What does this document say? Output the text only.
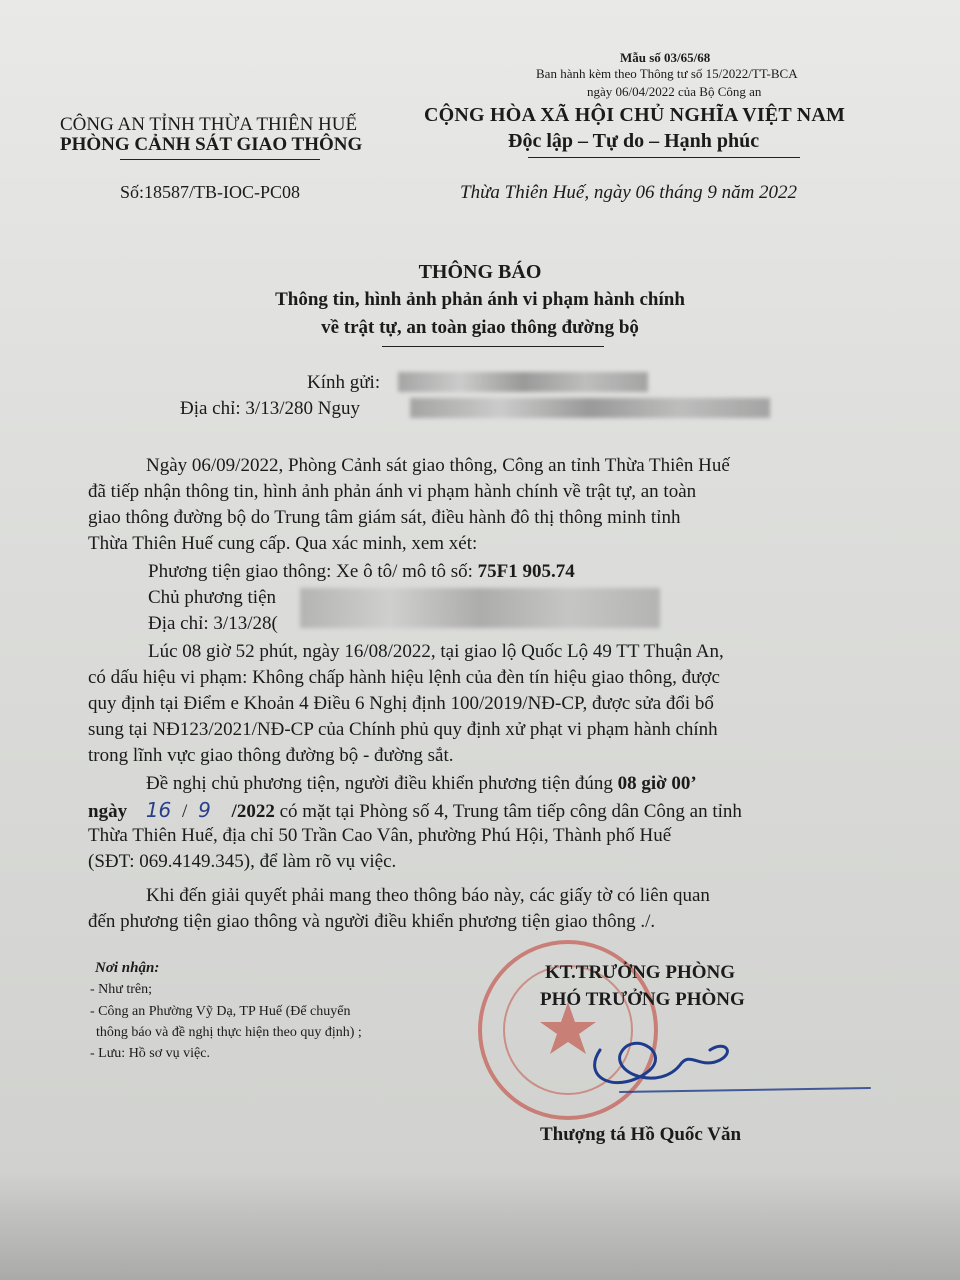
Mẫu số 03/65/68
Ban hành kèm theo Thông tư số 15/2022/TT-BCA
ngày 06/04/2022 của Bộ Công an
CÔNG AN TỈNH THỪA THIÊN HUẾ
PHÒNG CẢNH SÁT GIAO THÔNG
Số:18587/TB-IOC-PC08
CỘNG HÒA XÃ HỘI CHỦ NGHĨA VIỆT NAM
Độc lập – Tự do – Hạnh phúc
Thừa Thiên Huế, ngày 06 tháng 9 năm 2022
THÔNG BÁO
Thông tin, hình ảnh phản ánh vi phạm hành chính
về trật tự, an toàn giao thông đường bộ
Kính gửi:
Địa chỉ: 3/13/280 Nguy
Ngày 06/09/2022, Phòng Cảnh sát giao thông, Công an tỉnh Thừa Thiên Huế
đã tiếp nhận thông tin, hình ảnh phản ánh vi phạm hành chính về trật tự, an toàn
giao thông đường bộ do Trung tâm giám sát, điều hành đô thị thông minh tỉnh
Thừa Thiên Huế cung cấp. Qua xác minh, xem xét:
Phương tiện giao thông: Xe ô tô/ mô tô số: 75F1 905.74
Chủ phương tiện
Địa chỉ: 3/13/28(
Lúc 08 giờ 52 phút, ngày 16/08/2022, tại giao lộ Quốc Lộ 49 TT Thuận An,
có dấu hiệu vi phạm: Không chấp hành hiệu lệnh của đèn tín hiệu giao thông, được
quy định tại Điểm e Khoản 4 Điều 6 Nghị định 100/2019/NĐ-CP, được sửa đổi bổ
sung tại NĐ123/2021/NĐ-CP của Chính phủ quy định xử phạt vi phạm hành chính
trong lĩnh vực giao thông đường bộ - đường sắt.
Đề nghị chủ phương tiện, người điều khiển phương tiện đúng 08 giờ 00’
ngày 16 / 9 /2022 có mặt tại Phòng số 4, Trung tâm tiếp công dân Công an tỉnh
Thừa Thiên Huế, địa chỉ 50 Trần Cao Vân, phường Phú Hội, Thành phố Huế
(SĐT: 069.4149.345), để làm rõ vụ việc.
Khi đến giải quyết phải mang theo thông báo này, các giấy tờ có liên quan
đến phương tiện giao thông và người điều khiển phương tiện giao thông ./.
Nơi nhận:
- Như trên;
- Công an Phường Vỹ Dạ, TP Huế (Để chuyển
thông báo và đề nghị thực hiện theo quy định) ;
- Lưu: Hồ sơ vụ việc.
KT.TRƯỞNG PHÒNG
PHÓ TRƯỞNG PHÒNG
Thượng tá Hồ Quốc Văn
